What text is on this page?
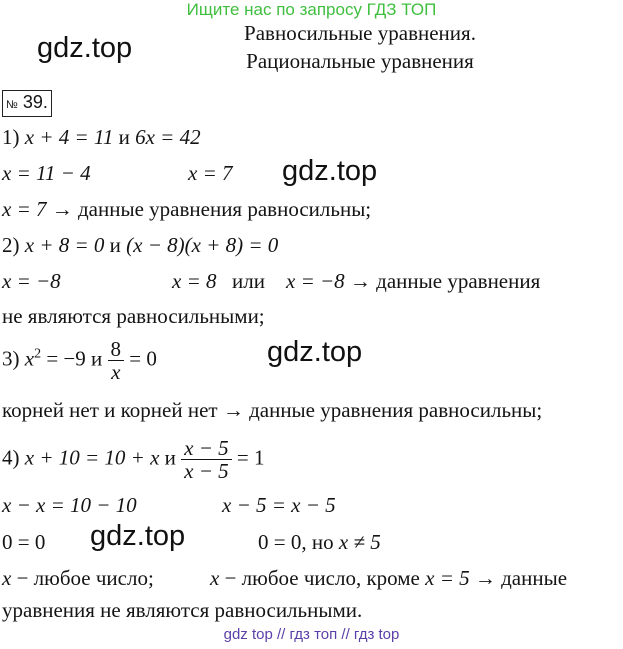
Ищите нас по запросу ГДЗ ТОП
gdz.top
gdz.top
gdz.top
gdz.top
Равносильные уравнения.
Рациональные уравнения
№ 39.
1) x + 4 = 11 и 6x = 42
x = 11 − 4	x = 7
x = 7 → данные уравнения равносильны;
2) x + 8 = 0 и (x − 8)(x + 8) = 0
x = −8	x = 8 или x = −8 → данные уравнения
не являются равносильными;
3) $x^2 = -9$ и $\frac{8}{x} = 0$
корней нет и корней нет → данные уравнения равносильны;
4) x + 10 = 10 + x и $\frac{x - 5}{x - 5} = 1$
x − x = 10 − 10	x − 5 = x − 5
0 = 0	0 = 0, но x ≠ 5
x − любое число;	x − любое число, кроме x = 5 → данные
уравнения не являются равносильными.
gdz top // гдз топ // гдз top
